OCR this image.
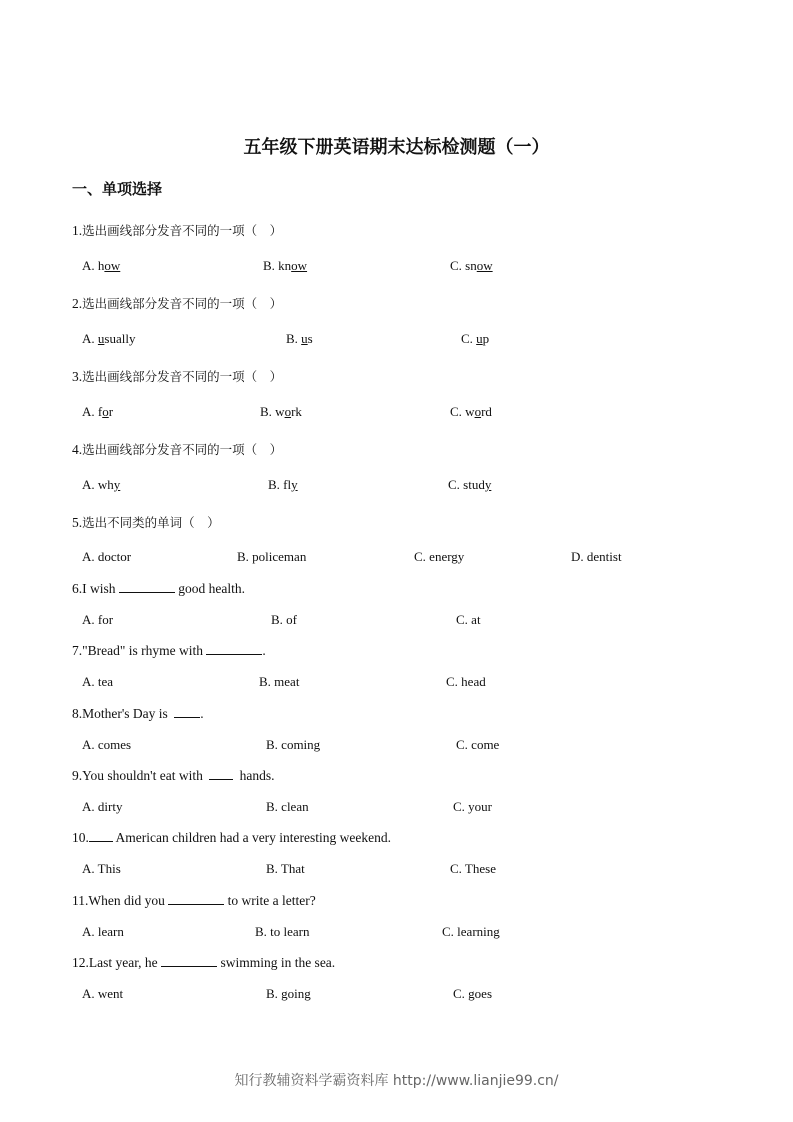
五年级下册英语期末达标检测题（一）
一、单项选择
1.选出画线部分发音不同的一项（　）
A. how	B. know	C. snow
2.选出画线部分发音不同的一项（　）
A. usually	B. us	C. up
3.选出画线部分发音不同的一项（　）
A. for	B. work	C. word
4.选出画线部分发音不同的一项（　）
A. why	B. fly	C. study
5.选出不同类的单词（　）
A. doctor	B. policeman	C. energy	D. dentist
6.I wish	good health.
A. for	B. of	C. at
7."Bread" is rhyme with	.
A. tea	B. meat	C. head
8.Mother's Day is .
A. comes	B. coming	C. come
9.You shouldn't eat with  hands.
A. dirty	B. clean	C. your
10. American children had a very interesting weekend.
A. This	B. That	C. These
11.When did you	to write a letter?
A. learn	B. to learn	C. learning
12.Last year, he	swimming in the sea.
A. went	B. going	C. goes
知行教辅资料学霸资料库 http://www.lianjie99.cn/
